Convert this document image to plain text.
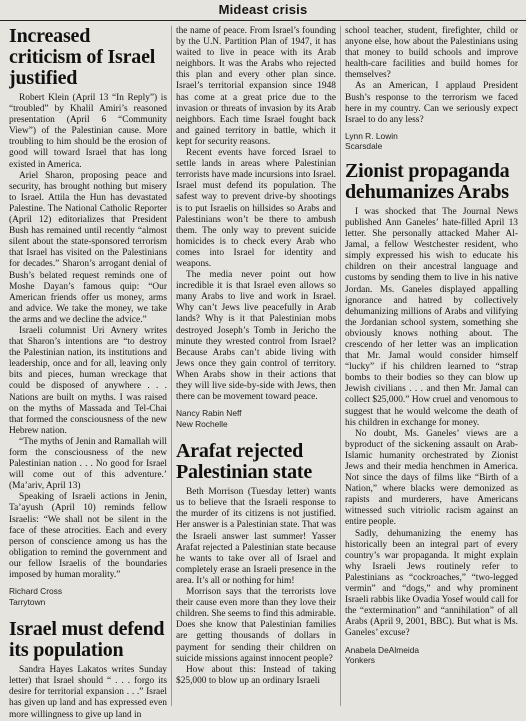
Mideast crisis
Increased criticism of Israel justified

Robert Klein (April 13 “In Reply”) is “troubled” by Khalil Amiri’s reasoned presentation (April 6 “Community View”) of the Palestinian cause. More troubling to him should be the erosion of good will toward Israel that has long existed in America.

Ariel Sharon, proposing peace and security, has brought nothing but misery to Israel. Attila the Hun has devastated Palestine. The National Catholic Reporter (April 12) editorializes that President Bush has remained until recently “almost silent about the state-sponsored terrorism that Israel has visited on the Palestinians for decades.” Sharon’s arrogant denial of Bush’s belated request reminds one of Moshe Dayan’s famous quip: “Our American friends offer us money, arms and advice. We take the money, we take the arms and we decline the advice.”

Israeli columnist Uri Avnery writes that Sharon’s intentions are “to destroy the Palestinian nation, its institutions and leadership, once and for all, leaving only bits and pieces, human wreckage that could be disposed of anywhere . . . Nations are built on myths. I was raised on the myths of Massada and Tel-Chai that formed the consciousness of the new Hebrew nation.

“The myths of Jenin and Ramallah will form the consciousness of the new Palestinian nation . . . No good for Israel will come out of this adventure.’ (Ma’ariv, April 13)

Speaking of Israeli actions in Jenin, Ta’ayush (April 10) reminds fellow Israelis: “We shall not be silent in the face of these atrocities. Each and every person of conscience among us has the obligation to remind the government and our fellow Israelis of the boundaries imposed by human morality.”

Richard Cross

Tarrytown

Israel must defend its population

Sandra Hayes Lakatos writes Sunday letter) that Israel should “ . . . forgo its desire for territorial expansion . . .” Israel has given up land and has expressed even more willingness to give up land in

the name of peace. From Israel’s founding by the U.N. Partition Plan of 1947, it has waited to live in peace with its Arab neighbors. It was the Arabs who rejected this plan and every other plan since. Israel’s territorial expansion since 1948 has come at a great price due to the invasion or threats of invasion by its Arab neighbors. Each time Israel fought back and gained territory in battle, which it kept for security reasons.

Recent events have forced Israel to settle lands in areas where Palestinian terrorists have made incursions into Israel. Israel must defend its population. The safest way to prevent drive-by shootings is to put Israelis on hillsides so Arabs and Palestinians won’t be there to ambush them. The only way to prevent suicide homicides is to check every Arab who comes into Israel for identity and weapons.

The media never point out how incredible it is that Israel even allows so many Arabs to live and work in Israel. Why can’t Jews live peacefully in Arab lands? Why is it that Palestinian mobs destroyed Joseph’s Tomb in Jericho the minute they wrested control from Israel? Because Arabs can’t abide living with Jews once they gain control of territory. When Arabs show in their actions that they will live side-by-side with Jews, then there can be movement toward peace.

Nancy Rabin Neff

New Rochelle

Arafat rejected Palestinian state

Beth Morrison (Tuesday letter) wants us to believe that the Israeli response to the murder of its citizens is not justified. Her answer is a Palestinian state. That was the Israeli answer last summer! Yasser Arafat rejected a Palestinian state because he wants to take over all of Israel and completely erase an Israeli presence in the area. It’s all or nothing for him!

Morrison says that the terrorists love their cause even more than they love their children. She seems to find this admirable. Does she know that Palestinian families are getting thousands of dollars in payment for sending their children on suicide missions against innocent people?

How about this: Instead of taking $25,000 to blow up an ordinary Israeli

school teacher, student, firefighter, child or anyone else, how about the Palestinians using that money to build schools and improve health-care facilities and build homes for themselves?

As an American, I applaud President Bush’s response to the terrorism we faced here in my country. Can we seriously expect Israel to do any less?

Lynn R. Lowin

Scarsdale

Zionist propaganda dehumanizes Arabs

I was shocked that The Journal News published Ann Ganeles’ hate-filled April 13 letter. She personally attacked Maher Al-Jamal, a fellow Westchester resident, who simply expressed his wish to educate his children on their ancestral language and customs by sending them to live in his native Jordan. Ms. Ganeles displayed appalling ignorance and hatred by collectively dehumanizing millions of Arabs and vilifying the Jordanian school system, something she obviously knows nothing about. The crescendo of her letter was an implication that Mr. Jamal would consider himself “lucky” if his children learned to “strap bombs to their bodies so they can blow up Jewish civilians . . . and then Mr. Jamal can collect $25,000.” How cruel and venomous to suggest that he would welcome the death of his children in exchange for money.

No doubt, Ms. Ganeles’ views are a byproduct of the sickening assault on Arab-Islamic humanity orchestrated by Zionist Jews and their media henchmen in America. Not since the days of films like “Birth of a Nation,” where blacks were demonized as rapists and murderers, have Americans witnessed such vitriolic racism against an entire people.

Sadly, dehumanizing the enemy has historically been an integral part of every country’s war propaganda. It might explain why Israeli Jews routinely refer to Palestinians as “cockroaches,” “two-legged vermin” and “dogs,” and why prominent Israeli rabbis like Ovadia Yosef would call for the “extermination” and “annihilation” of all Arabs (April 9, 2001, BBC). But what is Ms. Ganeles’ excuse?

Anabela DeAlmeida

Yonkers
